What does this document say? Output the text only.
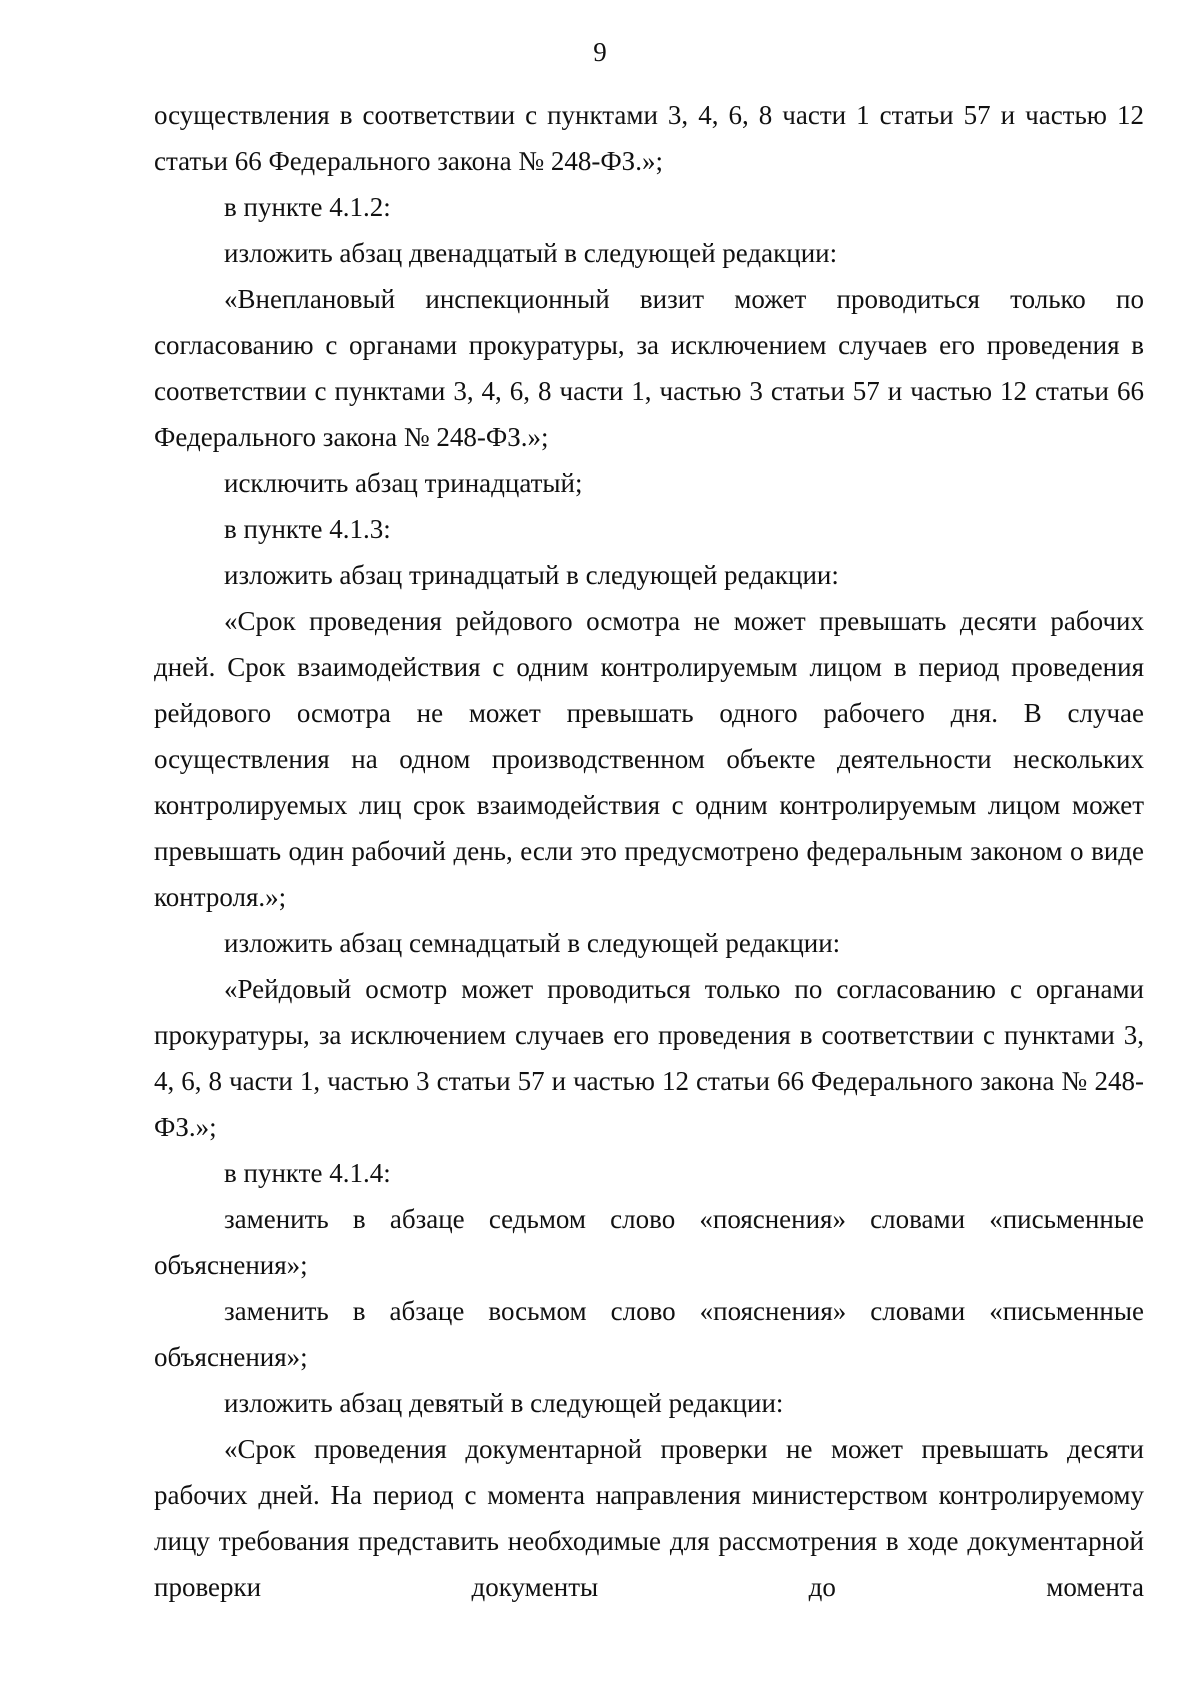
9

осуществления в соответствии с пунктами 3, 4, 6, 8 части 1 статьи 57 и частью 12 статьи 66 Федерального закона № 248-ФЗ.»;

в пункте 4.1.2:

изложить абзац двенадцатый в следующей редакции:

«Внеплановый инспекционный визит может проводиться только по согласованию с органами прокуратуры, за исключением случаев его проведения в соответствии с пунктами 3, 4, 6, 8 части 1, частью 3 статьи 57 и частью 12 статьи 66 Федерального закона № 248-ФЗ.»;

исключить абзац тринадцатый;

в пункте 4.1.3:

изложить абзац тринадцатый в следующей редакции:

«Срок проведения рейдового осмотра не может превышать десяти рабочих дней. Срок взаимодействия с одним контролируемым лицом в период проведения рейдового осмотра не может превышать одного рабочего дня. В случае осуществления на одном производственном объекте деятельности нескольких контролируемых лиц срок взаимодействия с одним контролируемым лицом может превышать один рабочий день, если это предусмотрено федеральным законом о виде контроля.»;

изложить абзац семнадцатый в следующей редакции:

«Рейдовый осмотр может проводиться только по согласованию с органами прокуратуры, за исключением случаев его проведения в соответствии с пунктами 3, 4, 6, 8 части 1, частью 3 статьи 57 и частью 12 статьи 66 Федерального закона № 248-ФЗ.»;

в пункте 4.1.4:

заменить в абзаце седьмом слово «пояснения» словами «письменные объяснения»;

заменить в абзаце восьмом слово «пояснения» словами «письменные объяснения»;

изложить абзац девятый в следующей редакции:

«Срок проведения документарной проверки не может превышать десяти рабочих дней. На период с момента направления министерством контролируемому лицу требования представить необходимые для рассмотрения в ходе документарной проверки документы до момента
